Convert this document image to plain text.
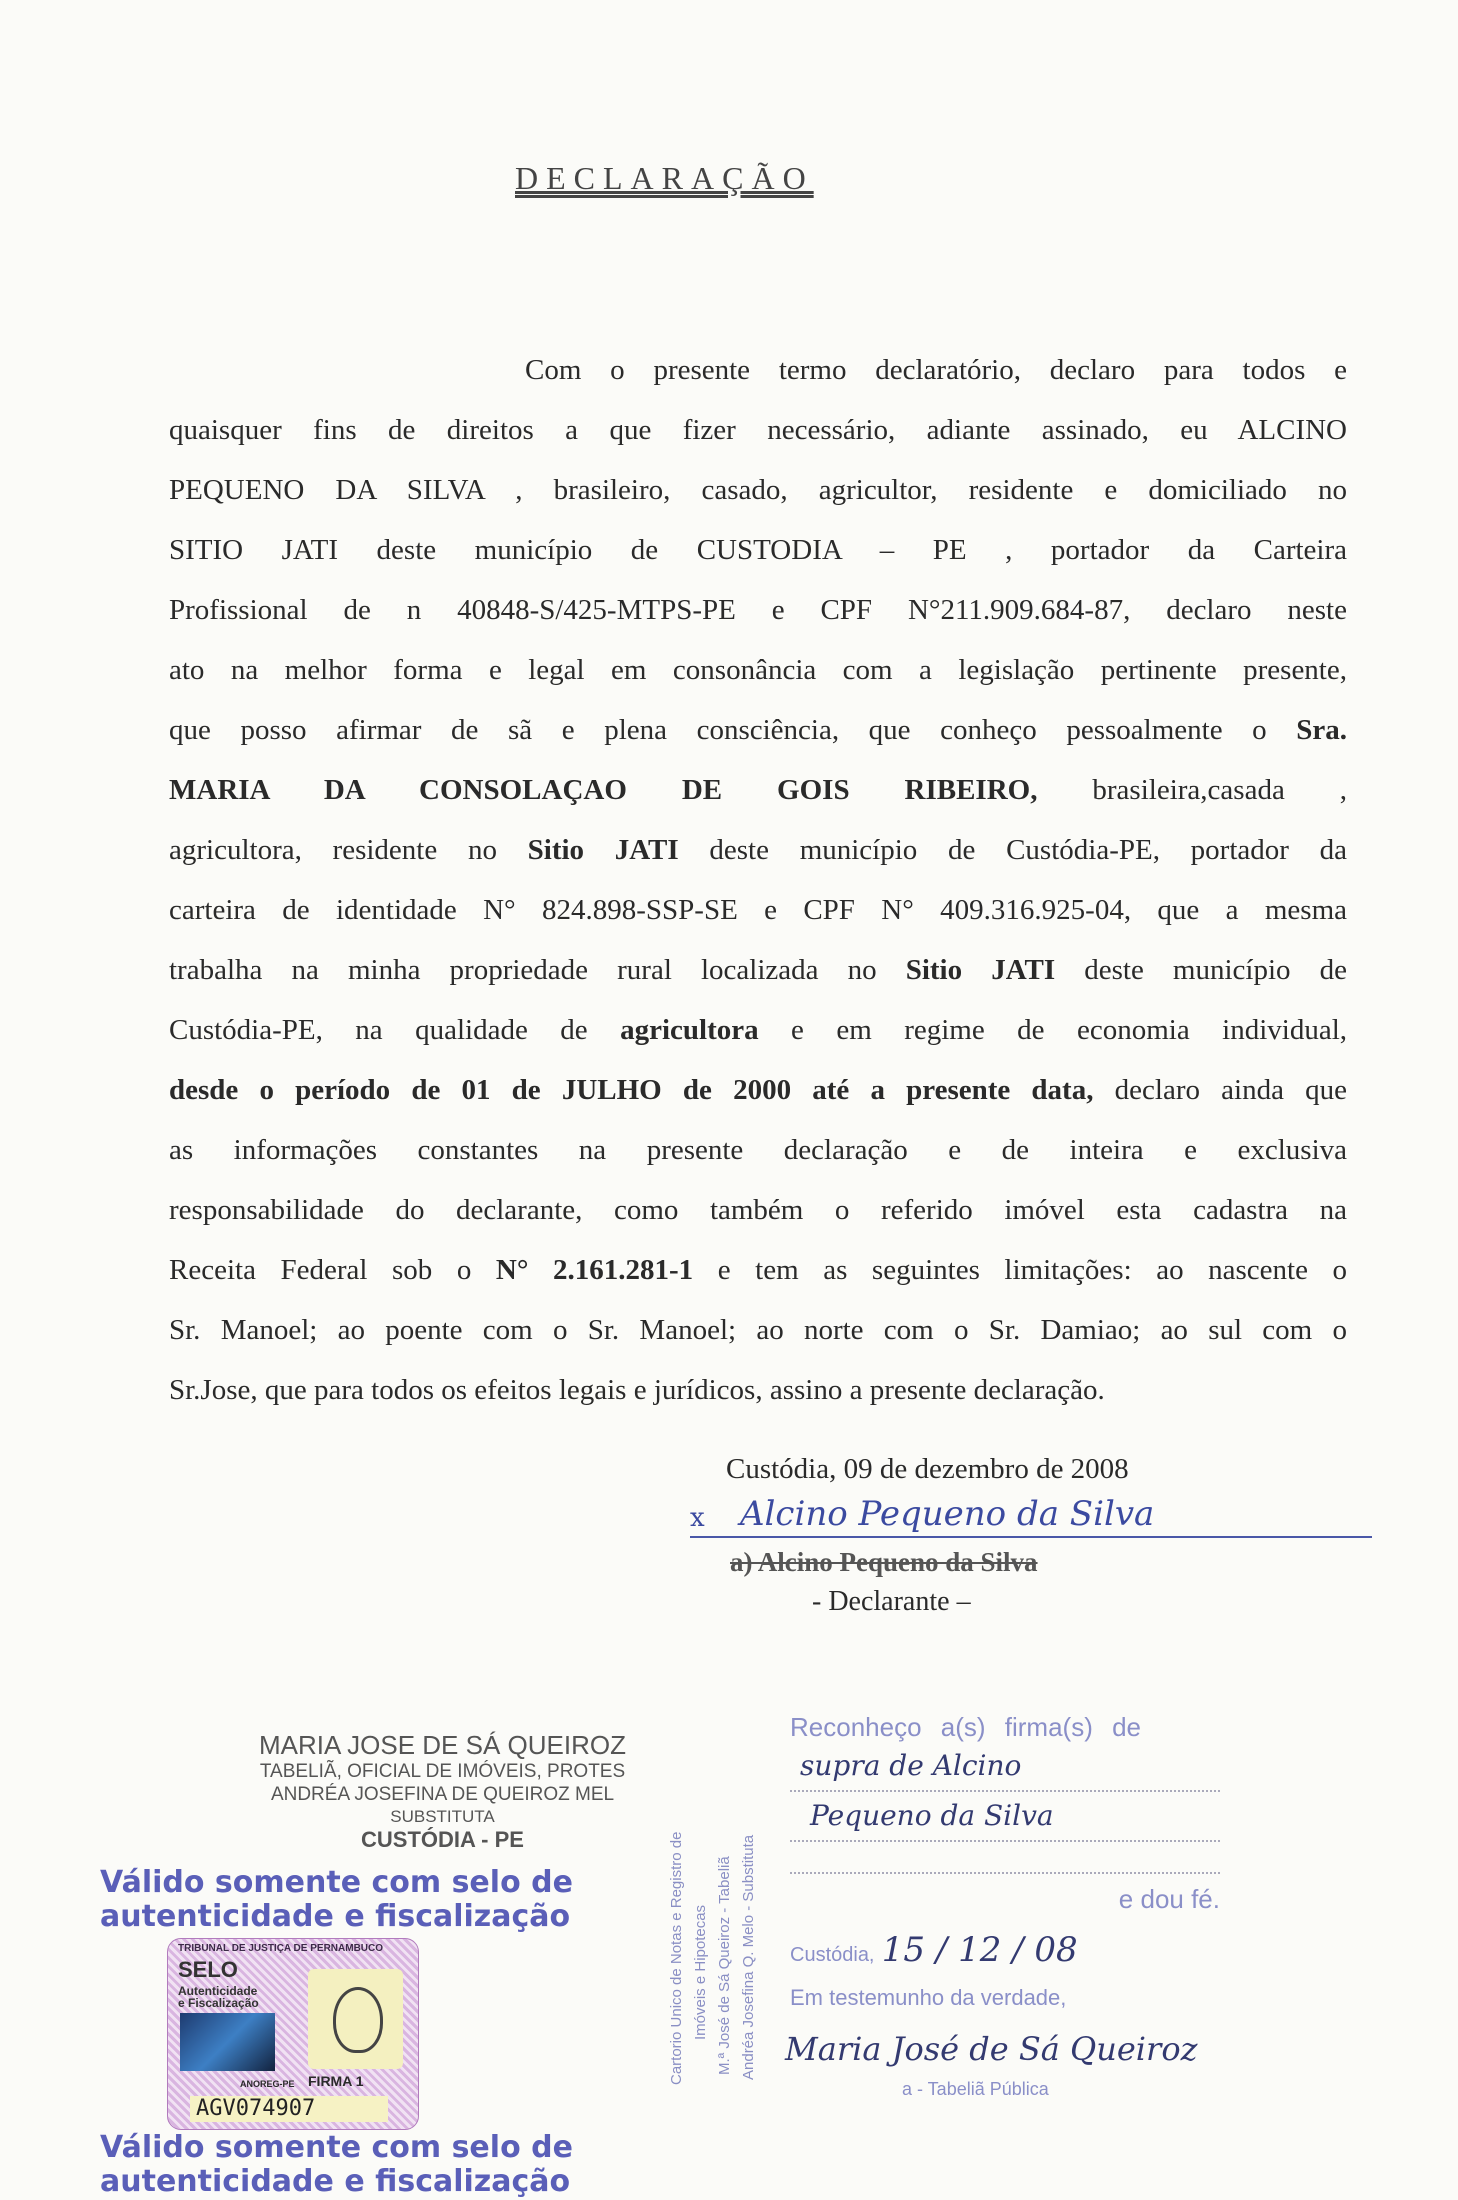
DECLARAÇÃO
Com o presente termo declaratório, declaro para todos e
quaisquer fins de direitos a que fizer necessário, adiante assinado, eu ALCINO
PEQUENO DA SILVA , brasileiro, casado, agricultor, residente e domiciliado no
SITIO JATI deste município de CUSTODIA – PE , portador da Carteira
Profissional de n 40848-S/425-MTPS-PE e CPF N°211.909.684-87, declaro neste
ato na melhor forma e legal em consonância com a legislação pertinente presente,
que posso afirmar de sã e plena consciência, que conheço pessoalmente o Sra.
MARIA DA CONSOLAÇAO DE GOIS RIBEIRO, brasileira,casada ,
agricultora, residente no Sitio JATI deste município de Custódia-PE, portador da
carteira de identidade N° 824.898-SSP-SE e CPF N° 409.316.925-04, que a mesma
trabalha na minha propriedade rural localizada no Sitio JATI deste município de
Custódia-PE, na qualidade de agricultora e em regime de economia individual,
desde o período de 01 de JULHO de 2000 até a presente data, declaro ainda que
as informações constantes na presente declaração e de inteira e exclusiva
responsabilidade do declarante, como também o referido imóvel esta cadastra na
Receita Federal sob o N° 2.161.281-1 e tem as seguintes limitações: ao nascente o
Sr. Manoel; ao poente com o Sr. Manoel; ao norte com o Sr. Damiao; ao sul com o
Sr.Jose, que para todos os efeitos legais e jurídicos, assino a presente declaração.
Custódia, 09 de dezembro de 2008
x Alcino Pequeno da Silva
a) Alcino Pequeno da Silva
- Declarante –
MARIA JOSE DE SÁ QUEIROZ
TABELIÃ, OFICIAL DE IMÓVEIS, PROTES
ANDRÉA JOSEFINA DE QUEIROZ MEL
SUBSTITUTA
CUSTÓDIA - PE
Válido somente com selo de
autenticidade e fiscalização
TRIBUNAL DE JUSTIÇA DE PERNAMBUCO
SELO
Autenticidade
e Fiscalização
ANOREG-PE FIRMA 1
AGV074907
Válido somente com selo de
autenticidade e fiscalização
Cartorio Unico de Notas e Registro de Imóveis e Hipotecas M.ª José de Sá Queiroz - Tabeliã Andréa Josefina Q. Melo - Substituta
Reconheço a(s) firma(s) de
supra de Alcino
Pequeno da Silva
e dou fé.
Custódia, 15 / 12 / 08
Em testemunho da verdade,
Maria José de Sá Queiroz
a - Tabeliã Pública
